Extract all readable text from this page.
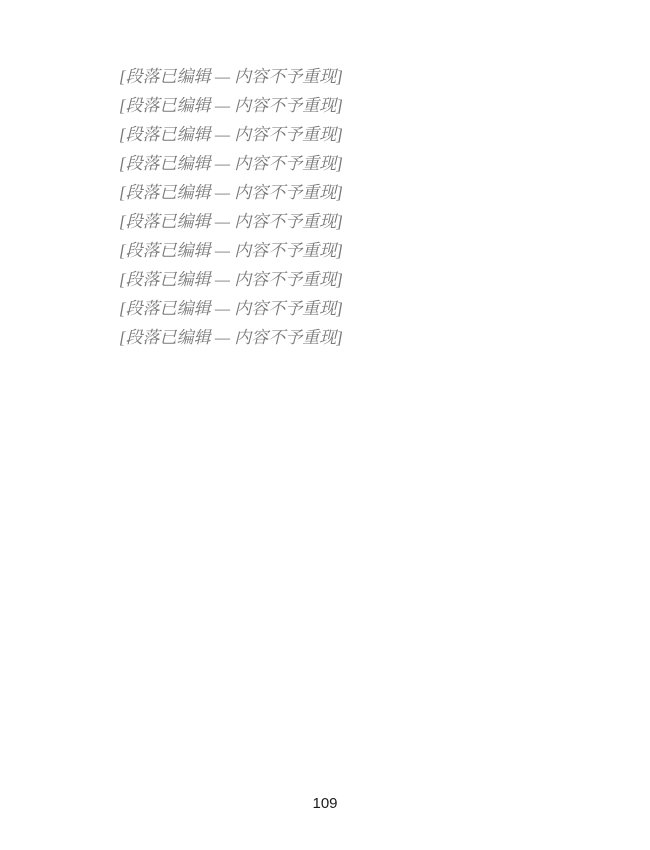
[段落已编辑 — 内容不予重现]

[段落已编辑 — 内容不予重现]

[段落已编辑 — 内容不予重现]

[段落已编辑 — 内容不予重现]

[段落已编辑 — 内容不予重现]

[段落已编辑 — 内容不予重现]

[段落已编辑 — 内容不予重现]

[段落已编辑 — 内容不予重现]

[段落已编辑 — 内容不予重现]

[段落已编辑 — 内容不予重现]

109
